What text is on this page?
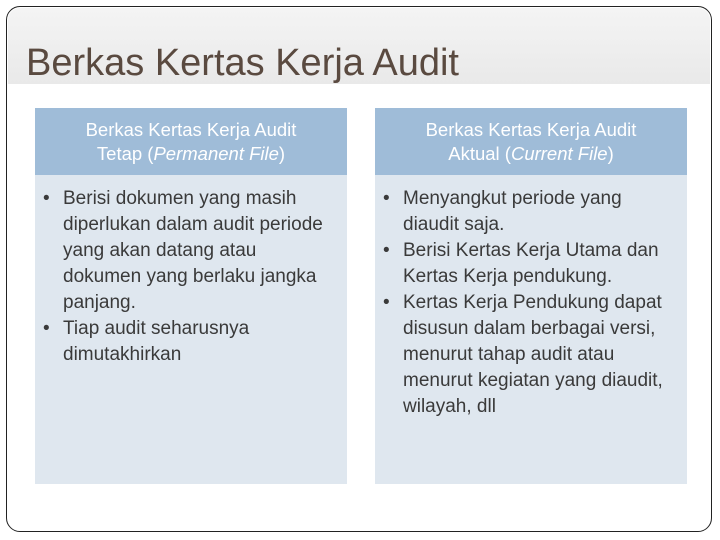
Berkas Kertas Kerja Audit
Berkas Kertas Kerja Audit
Tetap (Permanent File)
• Berisi dokumen yang masih diperlukan dalam audit periode yang akan datang atau dokumen yang berlaku jangka panjang.
• Tiap audit seharusnya dimutakhirkan
Berkas Kertas Kerja Audit
Aktual (Current File)
• Menyangkut periode yang diaudit saja.
• Berisi Kertas Kerja Utama dan Kertas Kerja pendukung.
• Kertas Kerja Pendukung dapat disusun dalam berbagai versi, menurut tahap audit atau menurut kegiatan yang diaudit, wilayah, dll
